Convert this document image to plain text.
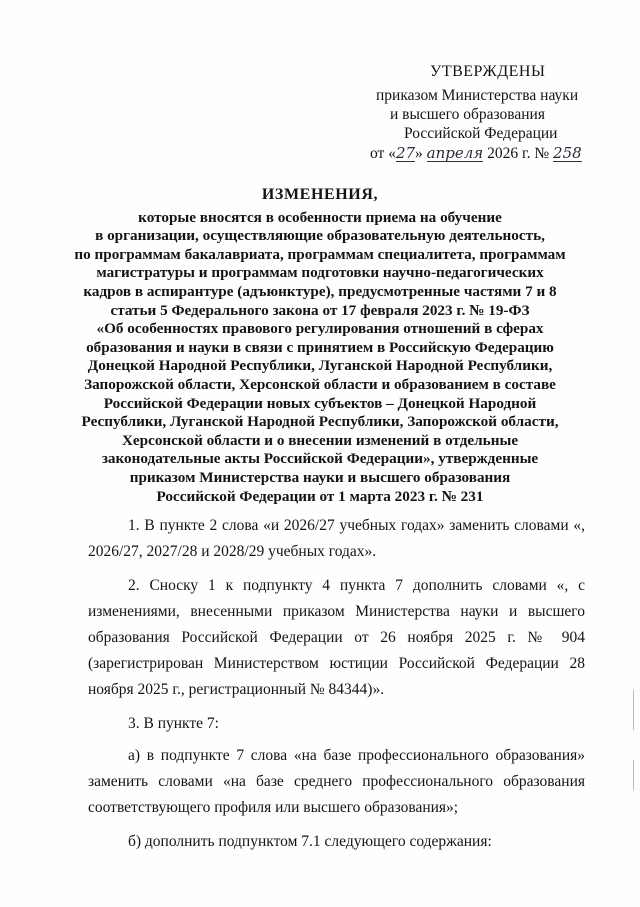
УТВЕРЖДЕНЫ
приказом Министерства науки
и высшего образования
Российской Федерации
от «27» апреля 2026 г. № 258
ИЗМЕНЕНИЯ,
которые вносятся в особенности приема на обучение
в организации, осуществляющие образовательную деятельность,
по программам бакалавриата, программам специалитета, программам
магистратуры и программам подготовки научно-педагогических
кадров в аспирантуре (адъюнктуре), предусмотренные частями 7 и 8
статьи 5 Федерального закона от 17 февраля 2023 г. № 19-ФЗ
«Об особенностях правового регулирования отношений в сферах
образования и науки в связи с принятием в Российскую Федерацию
Донецкой Народной Республики, Луганской Народной Республики,
Запорожской области, Херсонской области и образованием в составе
Российской Федерации новых субъектов – Донецкой Народной
Республики, Луганской Народной Республики, Запорожской области,
Херсонской области и о внесении изменений в отдельные
законодательные акты Российской Федерации», утвержденные
приказом Министерства науки и высшего образования
Российской Федерации от 1 марта 2023 г. № 231

1. В пункте 2 слова «и 2026/27 учебных годах» заменить словами «, 2026/27, 2027/28 и 2028/29 учебных годах».

2. Сноску 1 к подпункту 4 пункта 7 дополнить словами «, с изменениями, внесенными приказом Министерства науки и высшего образования Российской Федерации от 26 ноября 2025 г. № 904 (зарегистрирован Министерством юстиции Российской Федерации 28 ноября 2025 г., регистрационный № 84344)».

3. В пункте 7:

а) в подпункте 7 слова «на базе профессионального образования» заменить словами «на базе среднего профессионального образования соответствующего профиля или высшего образования»;

б) дополнить подпунктом 7.1 следующего содержания:
